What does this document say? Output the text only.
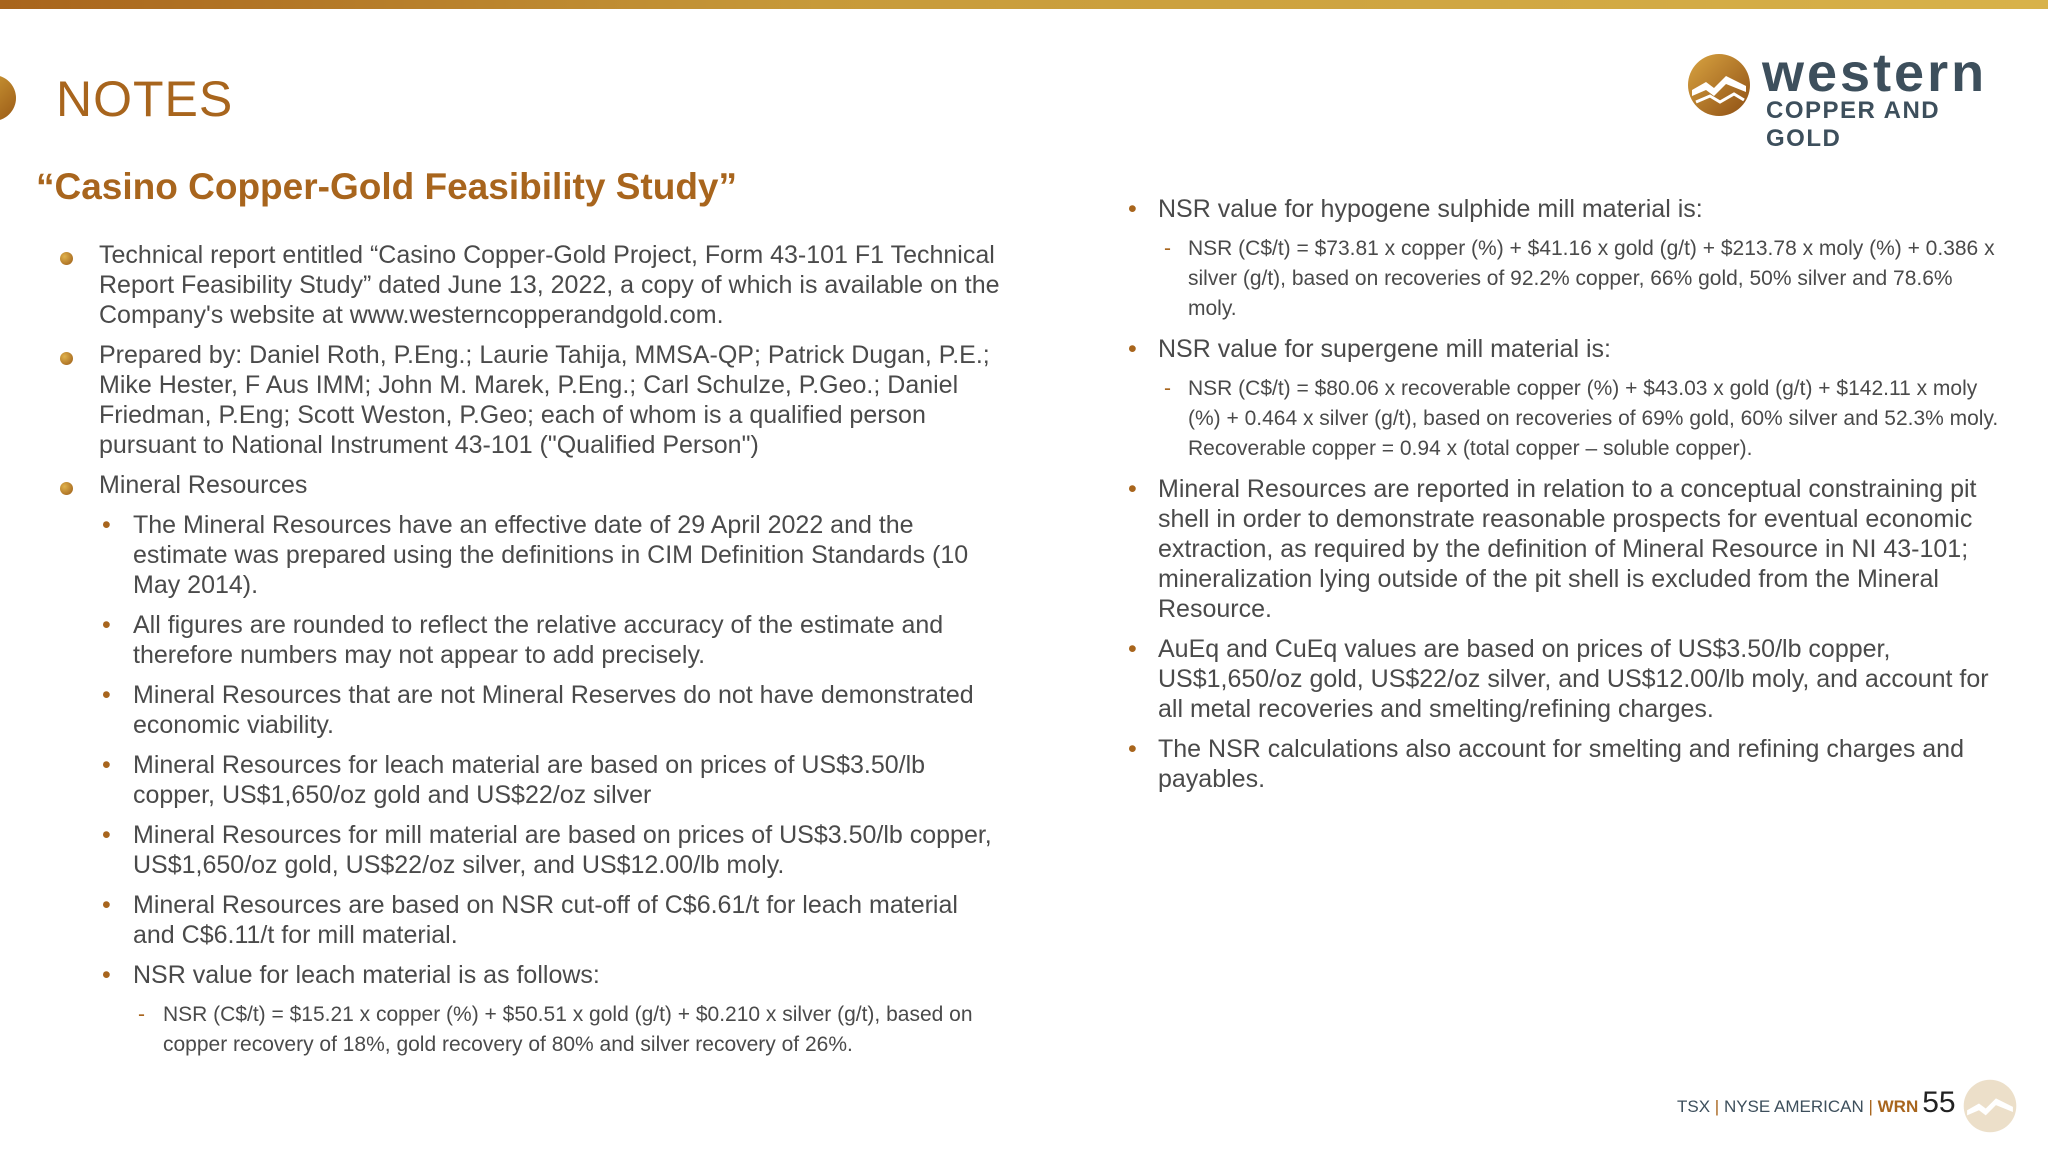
NOTES	western
COPPER AND GOLD
“Casino Copper-Gold Feasibility Study”
Technical report entitled “Casino Copper-Gold Project, Form 43-101 F1 Technical Report Feasibility Study” dated June 13, 2022, a copy of which is available on the Company's website at www.westerncopperandgold.com.
Prepared by: Daniel Roth, P.Eng.; Laurie Tahija, MMSA-QP; Patrick Dugan, P.E.; Mike Hester, F Aus IMM; John M. Marek, P.Eng.; Carl Schulze, P.Geo.; Daniel Friedman, P.Eng; Scott Weston, P.Geo; each of whom is a qualified person pursuant to National Instrument 43-101 ("Qualified Person")
Mineral Resources
• The Mineral Resources have an effective date of 29 April 2022 and the estimate was prepared using the definitions in CIM Definition Standards (10 May 2014).
• All figures are rounded to reflect the relative accuracy of the estimate and therefore numbers may not appear to add precisely.
• Mineral Resources that are not Mineral Reserves do not have demonstrated economic viability.
• Mineral Resources for leach material are based on prices of US$3.50/lb copper, US$1,650/oz gold and US$22/oz silver
• Mineral Resources for mill material are based on prices of US$3.50/lb copper, US$1,650/oz gold, US$22/oz silver, and US$12.00/lb moly.
• Mineral Resources are based on NSR cut-off of C$6.61/t for leach material and C$6.11/t for mill material.
• NSR value for leach material is as follows:
- NSR (C$/t) = $15.21 x copper (%) + $50.51 x gold (g/t) + $0.210 x silver (g/t), based on copper recovery of 18%, gold recovery of 80% and silver recovery of 26%.
• NSR value for hypogene sulphide mill material is:
- NSR (C$/t) = $73.81 x copper (%) + $41.16 x gold (g/t) + $213.78 x moly (%) + 0.386 x silver (g/t), based on recoveries of 92.2% copper, 66% gold, 50% silver and 78.6% moly.
• NSR value for supergene mill material is:
- NSR (C$/t) = $80.06 x recoverable copper (%) + $43.03 x gold (g/t) + $142.11 x moly (%) + 0.464 x silver (g/t), based on recoveries of 69% gold, 60% silver and 52.3% moly. Recoverable copper = 0.94 x (total copper – soluble copper).
• Mineral Resources are reported in relation to a conceptual constraining pit shell in order to demonstrate reasonable prospects for eventual economic extraction, as required by the definition of Mineral Resource in NI 43-101; mineralization lying outside of the pit shell is excluded from the Mineral Resource.
• AuEq and CuEq values are based on prices of US$3.50/lb copper, US$1,650/oz gold, US$22/oz silver, and US$12.00/lb moly, and account for all metal recoveries and smelting/refining charges.
• The NSR calculations also account for smelting and refining charges and payables.
TSX | NYSE AMERICAN | WRN 55
